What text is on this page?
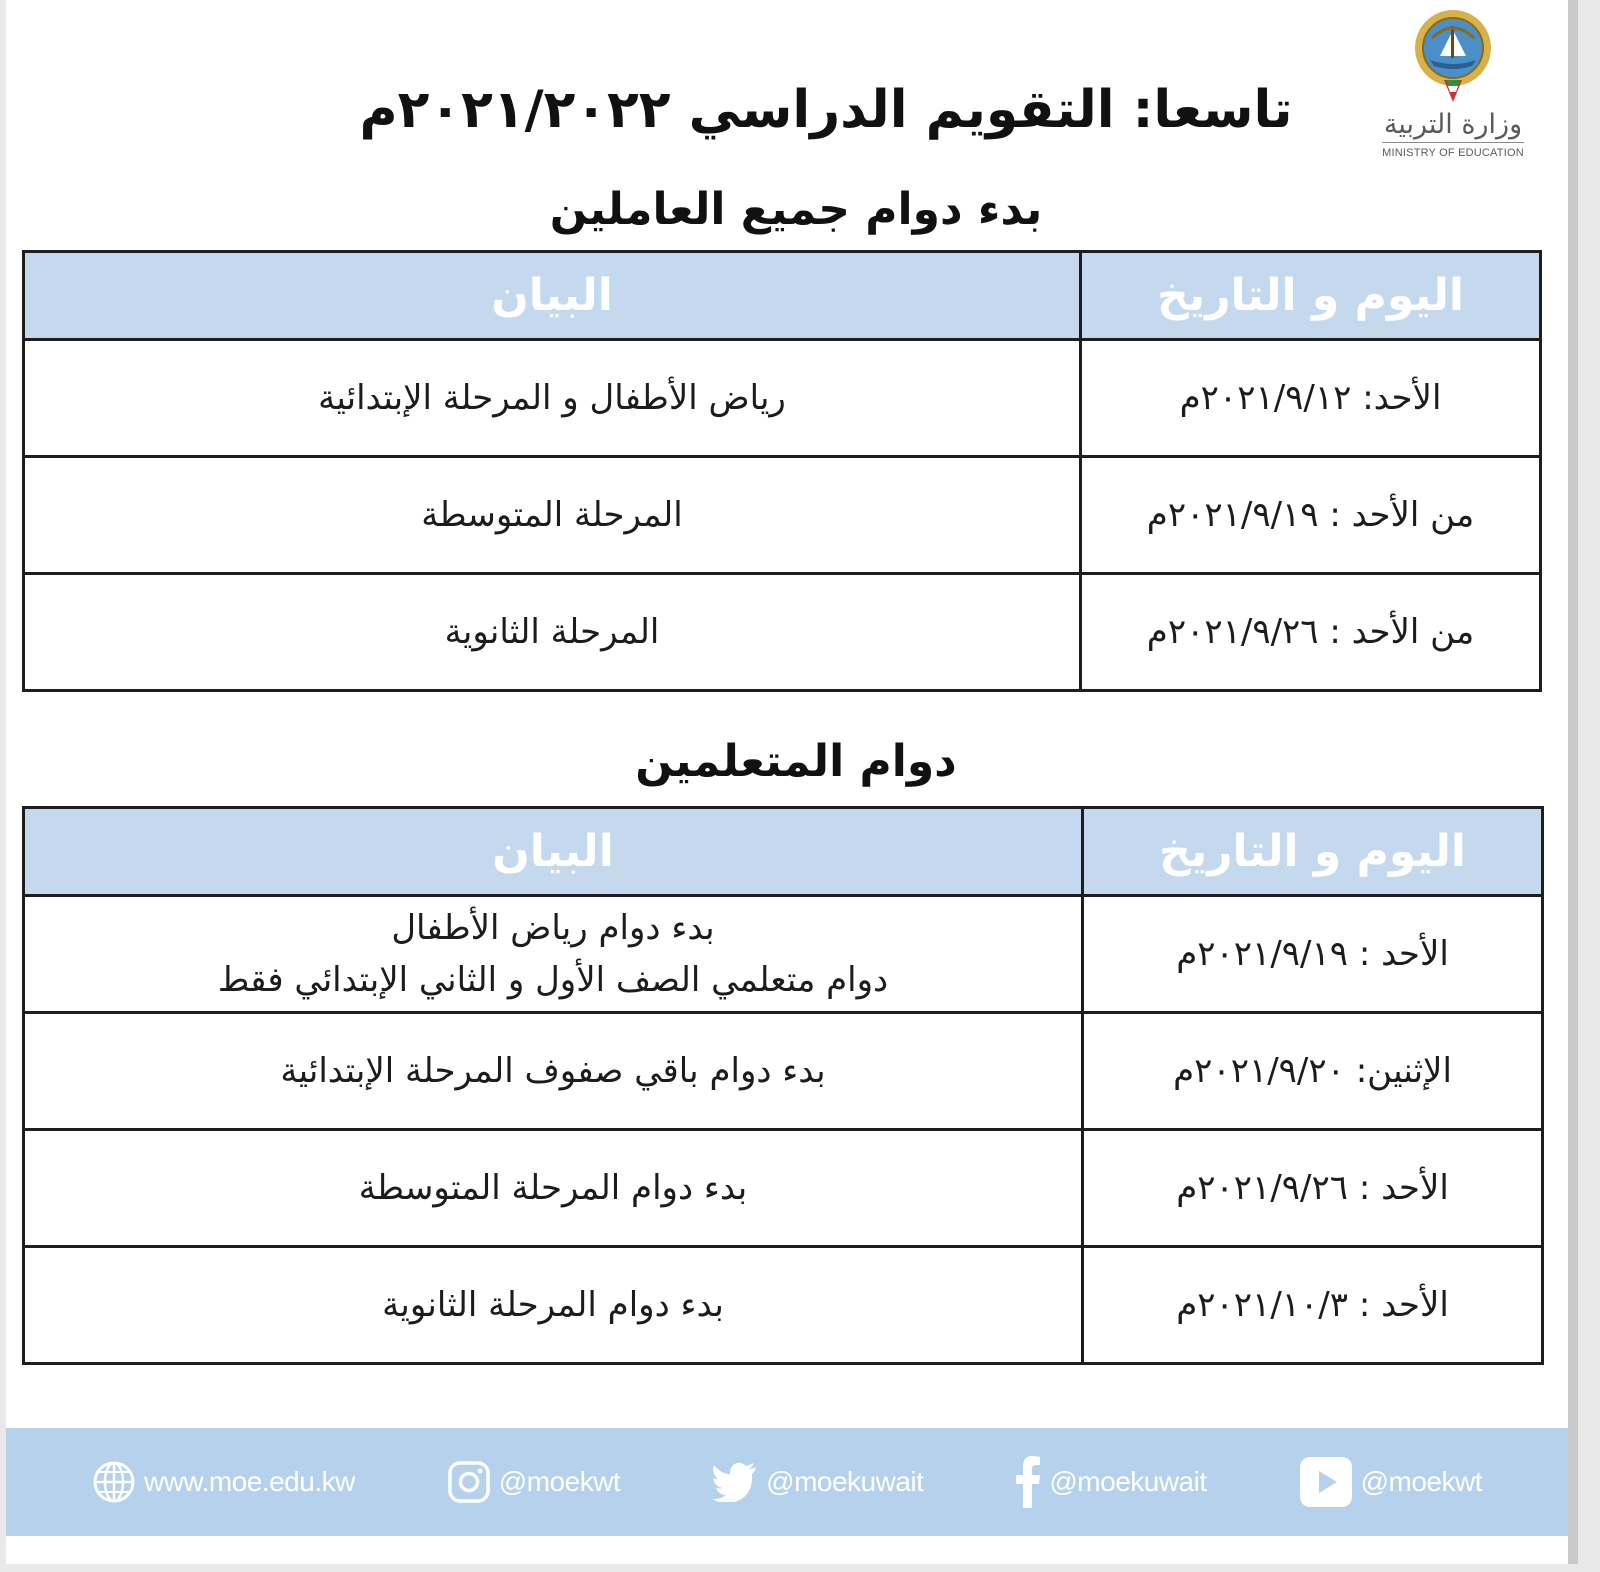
وزارة التربية
MINISTRY OF EDUCATION
تاسعا: التقويم الدراسي ٢٠٢١/٢٠٢٢م
بدء دوام جميع العاملين
اليوم و التاريخ	البيان
الأحد: ٢٠٢١/٩/١٢م	رياض الأطفال و المرحلة الإبتدائية
من الأحد : ٢٠٢١/٩/١٩م	المرحلة المتوسطة
من الأحد : ٢٠٢١/٩/٢٦م	المرحلة الثانوية
دوام المتعلمين
اليوم و التاريخ	البيان
الأحد : ٢٠٢١/٩/١٩م	بدء دوام رياض الأطفال
دوام متعلمي الصف الأول و الثاني الإبتدائي فقط

الإثنين: ٢٠٢١/٩/٢٠م	بدء دوام باقي صفوف المرحلة الإبتدائية
الأحد : ٢٠٢١/٩/٢٦م	بدء دوام المرحلة المتوسطة
الأحد : ٢٠٢١/١٠/٣م	بدء دوام المرحلة الثانوية
www.moe.edu.kw	@moekwt	@moekuwait	@moekuwait	@moekwt
